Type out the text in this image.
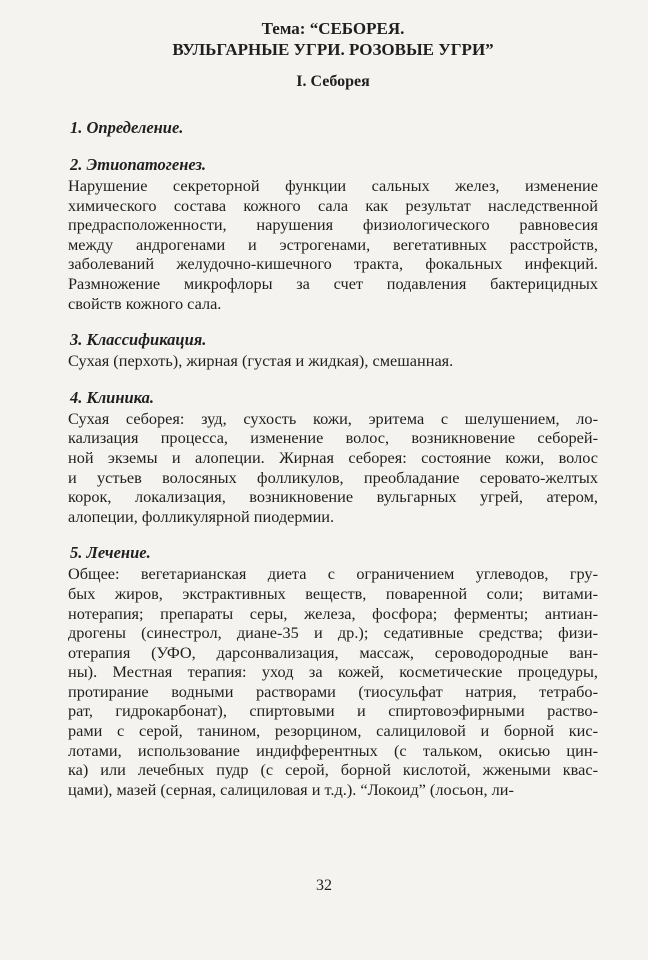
Тема: “СЕБОРЕЯ.
ВУЛЬГАРНЫЕ УГРИ. РОЗОВЫЕ УГРИ”

I. Себорея

1. Определение.
2. Этиопатогенез.
Нарушение секреторной функции сальных желез, изменение
химического состава кожного сала как результат наследственной
предрасположенности, нарушения физиологического равновесия
между андрогенами и эстрогенами, вегетативных расстройств,
заболеваний желудочно-кишечного тракта, фокальных инфекций.
Размножение микрофлоры за счет подавления бактерицидных
свойств кожного сала.
3. Классификация.
Сухая (перхоть), жирная (густая и жидкая), смешанная.
4. Клиника.
Сухая себорея: зуд, сухость кожи, эритема с шелушением, ло-
кализация процесса, изменение волос, возникновение себорей-
ной экземы и алопеции. Жирная себорея: состояние кожи, волос
и устьев волосяных фолликулов, преобладание серовато-желтых
корок, локализация, возникновение вульгарных угрей, атером,
алопеции, фолликулярной пиодермии.
5. Лечение.
Общее: вегетарианская диета с ограничением углеводов, гру-
бых жиров, экстрактивных веществ, поваренной соли; витами-
нотерапия; препараты серы, железа, фосфора; ферменты; антиан-
дрогены (синестрол, диане-35 и др.); седативные средства; физи-
отерапия (УФО, дарсонвализация, массаж, сероводородные ван-
ны). Местная терапия: уход за кожей, косметические процедуры,
протирание водными растворами (тиосульфат натрия, тетрабо-
рат, гидрокарбонат), спиртовыми и спиртовоэфирными раство-
рами с серой, танином, резорцином, салициловой и борной кис-
лотами, использование индифферентных (с тальком, окисью цин-
ка) или лечебных пудр (с серой, борной кислотой, жжеными квас-
цами), мазей (серная, салициловая и т.д.). “Локоид” (лосьон, ли-
32
